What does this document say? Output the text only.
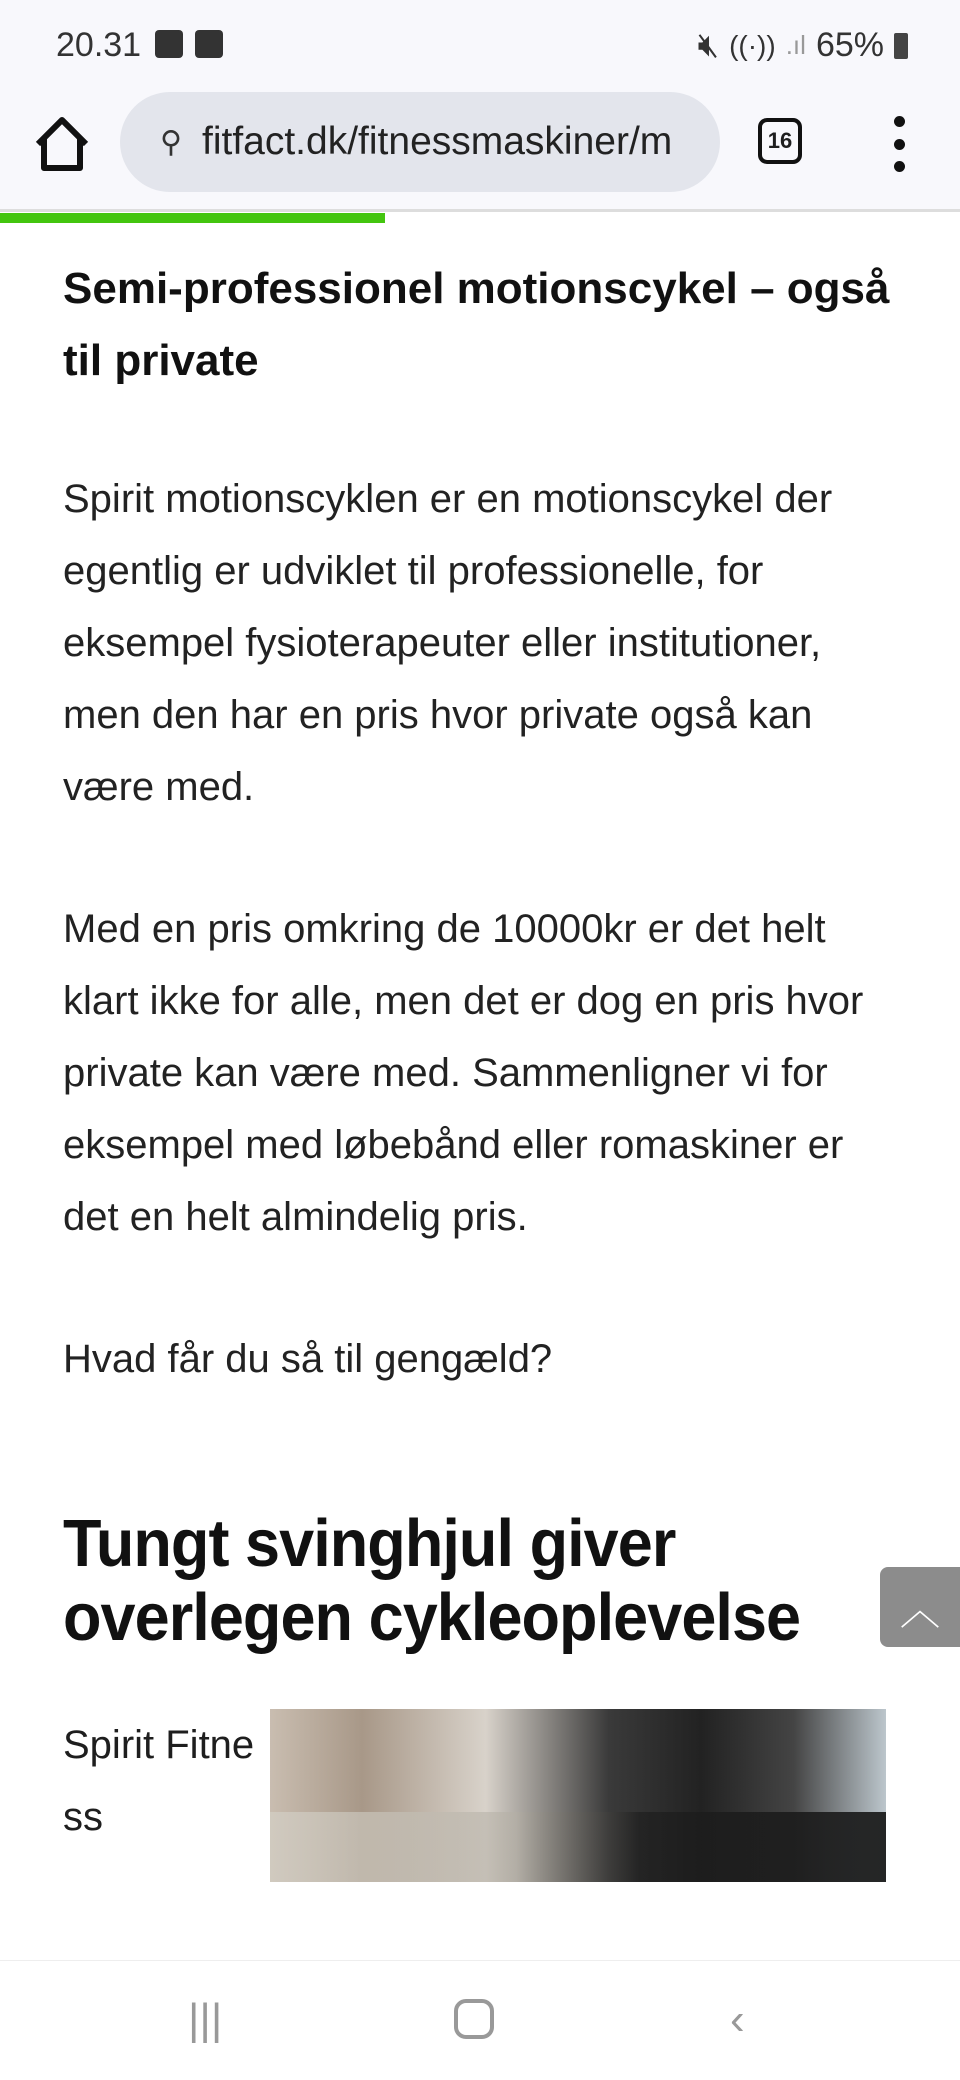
20.31	🔇︎ ((·)) .ıl 65%
⚲ fitfact.dk/fitnessmaskiner/m	16
Semi-professionel motionscykel – også til private

Spirit motionscyklen er en motionscykel der egentlig er udviklet til professionelle, for eksempel fysioterapeuter eller institutioner, men den har en pris hvor private også kan være med.

Med en pris omkring de 10000kr er det helt klart ikke for alle, men det er dog en pris hvor private kan være med. Sammenligner vi for eksempel med løbebånd eller romaskiner er det en helt almindelig pris.

Hvad får du så til gengæld?

Tungt svinghjul giver overlegen cykleoplevelse
Spirit Fitne ss
︿
|||	‹
